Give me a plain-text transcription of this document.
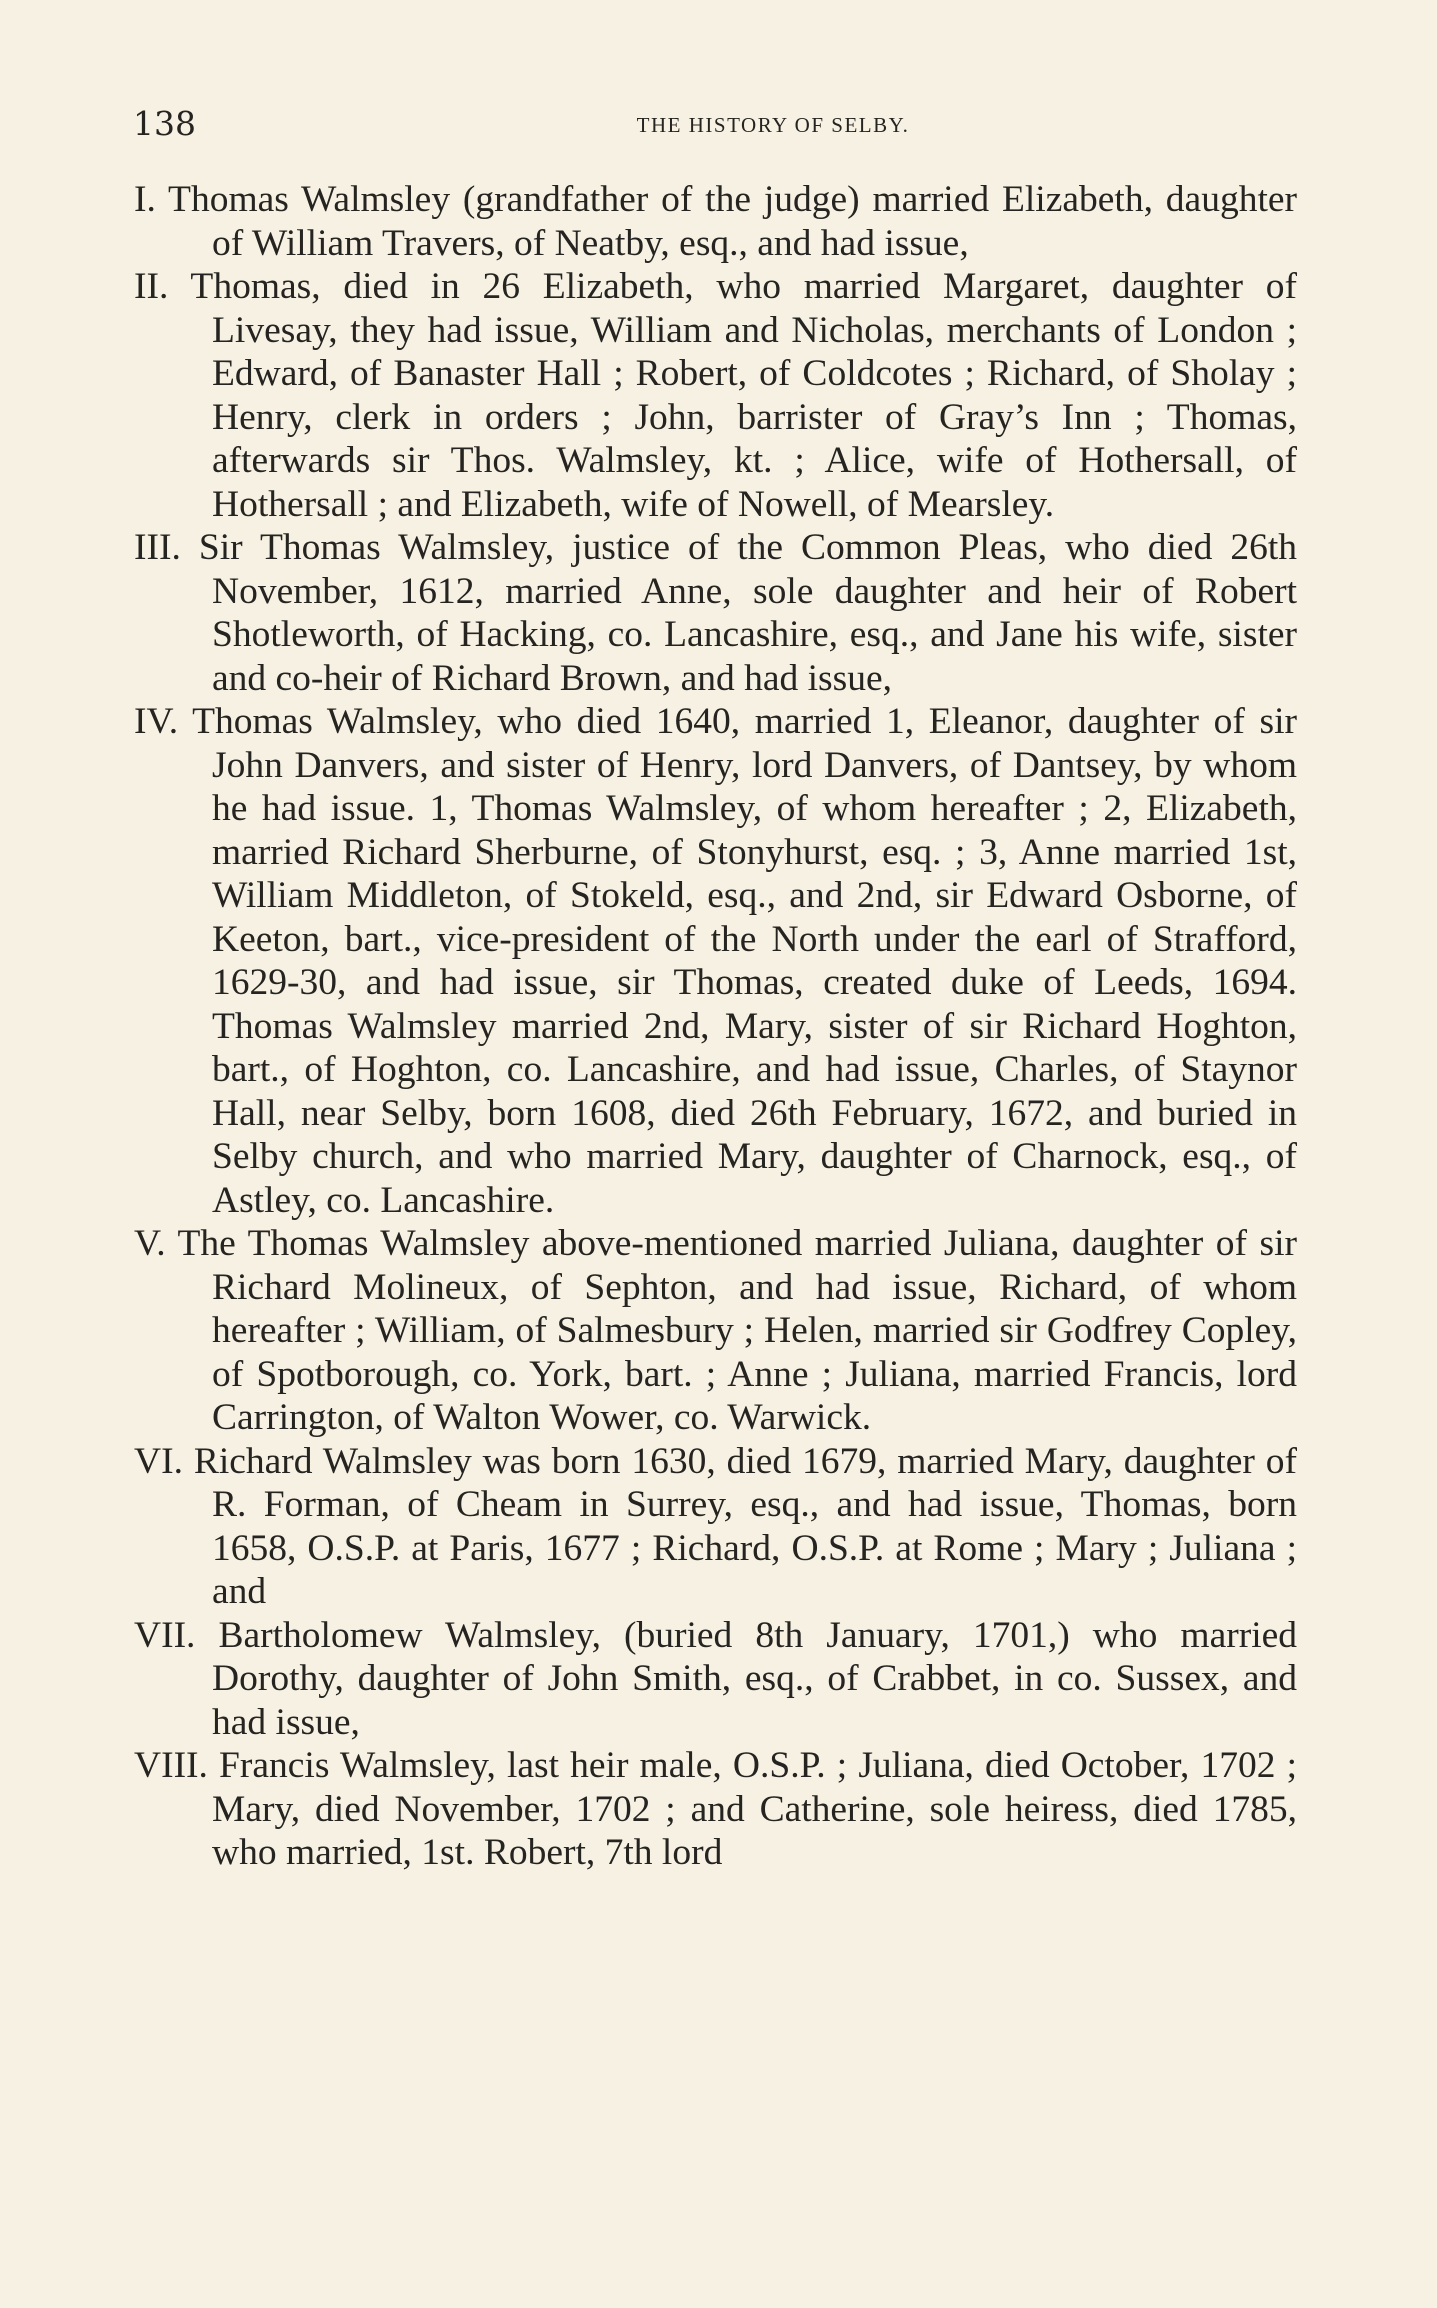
138	THE HISTORY OF SELBY.

I. Thomas Walmsley (grandfather of the judge) married Elizabeth, daughter of William Travers, of Neatby, esq., and had issue,

II. Thomas, died in 26 Elizabeth, who married Margaret, daughter of Livesay, they had issue, William and Nicholas, merchants of London ; Edward, of Banaster Hall ; Robert, of Coldcotes ; Richard, of Sholay ; Henry, clerk in orders ; John, barrister of Gray’s Inn ; Thomas, afterwards sir Thos. Walmsley, kt. ; Alice, wife of Hothersall, of Hothersall ; and Elizabeth, wife of Nowell, of Mearsley.

III. Sir Thomas Walmsley, justice of the Common Pleas, who died 26th November, 1612, married Anne, sole daughter and heir of Robert Shotleworth, of Hacking, co. Lancashire, esq., and Jane his wife, sister and co-heir of Richard Brown, and had issue,

IV. Thomas Walmsley, who died 1640, married 1, Eleanor, daughter of sir John Danvers, and sister of Henry, lord Danvers, of Dantsey, by whom he had issue. 1, Thomas Walmsley, of whom hereafter ; 2, Elizabeth, married Richard Sherburne, of Stonyhurst, esq. ; 3, Anne married 1st, William Middleton, of Stokeld, esq., and 2nd, sir Edward Osborne, of Keeton, bart., vice-president of the North under the earl of Strafford, 1629-30, and had issue, sir Thomas, created duke of Leeds, 1694. Thomas Walmsley married 2nd, Mary, sister of sir Richard Hoghton, bart., of Hoghton, co. Lancashire, and had issue, Charles, of Staynor Hall, near Selby, born 1608, died 26th February, 1672, and buried in Selby church, and who married Mary, daughter of Charnock, esq., of Astley, co. Lancashire.

V. The Thomas Walmsley above-mentioned married Juliana, daughter of sir Richard Molineux, of Sephton, and had issue, Richard, of whom hereafter ; William, of Salmesbury ; Helen, married sir Godfrey Copley, of Spotborough, co. York, bart. ; Anne ; Juliana, married Francis, lord Carrington, of Walton Wower, co. Warwick.

VI. Richard Walmsley was born 1630, died 1679, married Mary, daughter of R. Forman, of Cheam in Surrey, esq., and had issue, Thomas, born 1658, O.S.P. at Paris, 1677 ; Richard, O.S.P. at Rome ; Mary ; Juliana ; and

VII. Bartholomew Walmsley, (buried 8th January, 1701,) who married Dorothy, daughter of John Smith, esq., of Crabbet, in co. Sussex, and had issue,

VIII. Francis Walmsley, last heir male, O.S.P. ; Juliana, died October, 1702 ; Mary, died November, 1702 ; and Catherine, sole heiress, died 1785, who married, 1st. Robert, 7th lord
